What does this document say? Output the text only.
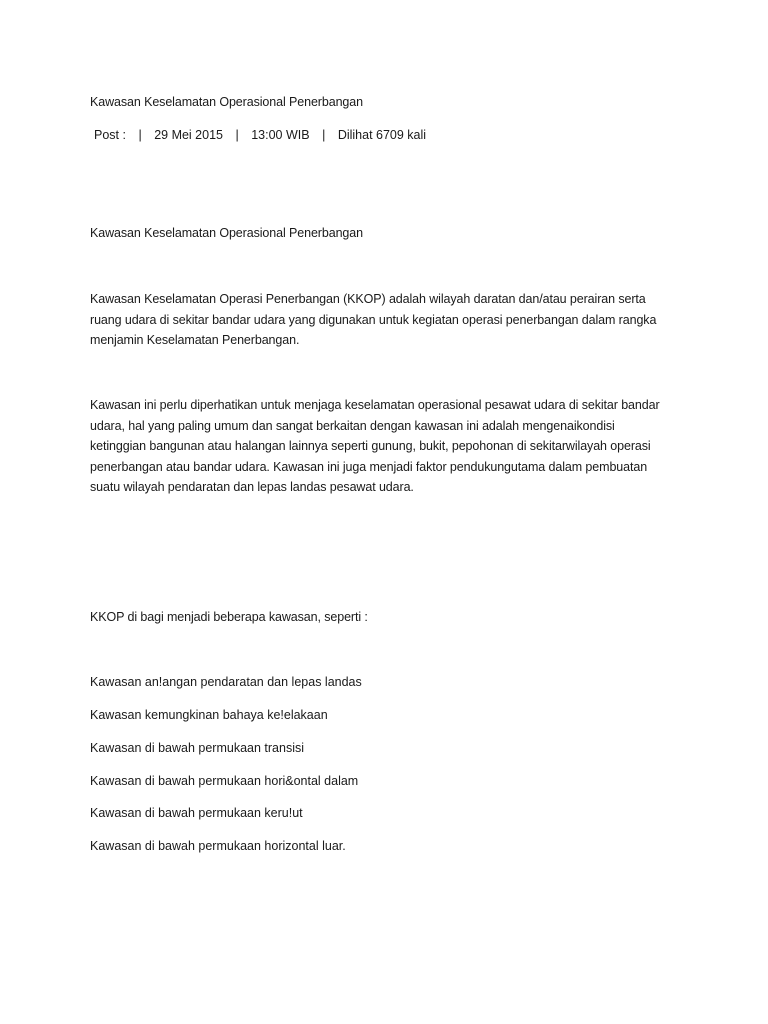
Kawasan Keselamatan Operasional Penerbangan
Post : | 29 Mei 2015 | 13:00 WIB | Dilihat 6709 kali
Kawasan Keselamatan Operasional Penerbangan
Kawasan Keselamatan Operasi Penerbangan (KKOP) adalah wilayah daratan dan/atau perairan serta
ruang udara di sekitar bandar udara yang digunakan untuk kegiatan operasi penerbangan dalam rangka
menjamin Keselamatan Penerbangan.
Kawasan ini perlu diperhatikan untuk menjaga keselamatan operasional pesawat udara di sekitar bandar
udara, hal yang paling umum dan sangat berkaitan dengan kawasan ini adalah mengenaikondisi
ketinggian bangunan atau halangan lainnya seperti gunung, bukit, pepohonan di sekitarwilayah operasi
penerbangan atau bandar udara. Kawasan ini juga menjadi faktor pendukungutama dalam pembuatan
suatu wilayah pendaratan dan lepas landas pesawat udara.
KKOP di bagi menjadi beberapa kawasan, seperti :
Kawasan an!angan pendaratan dan lepas landas
Kawasan kemungkinan bahaya ke!elakaan
Kawasan di bawah permukaan transisi
Kawasan di bawah permukaan hori&ontal dalam
Kawasan di bawah permukaan keru!ut
Kawasan di bawah permukaan horizontal luar.
